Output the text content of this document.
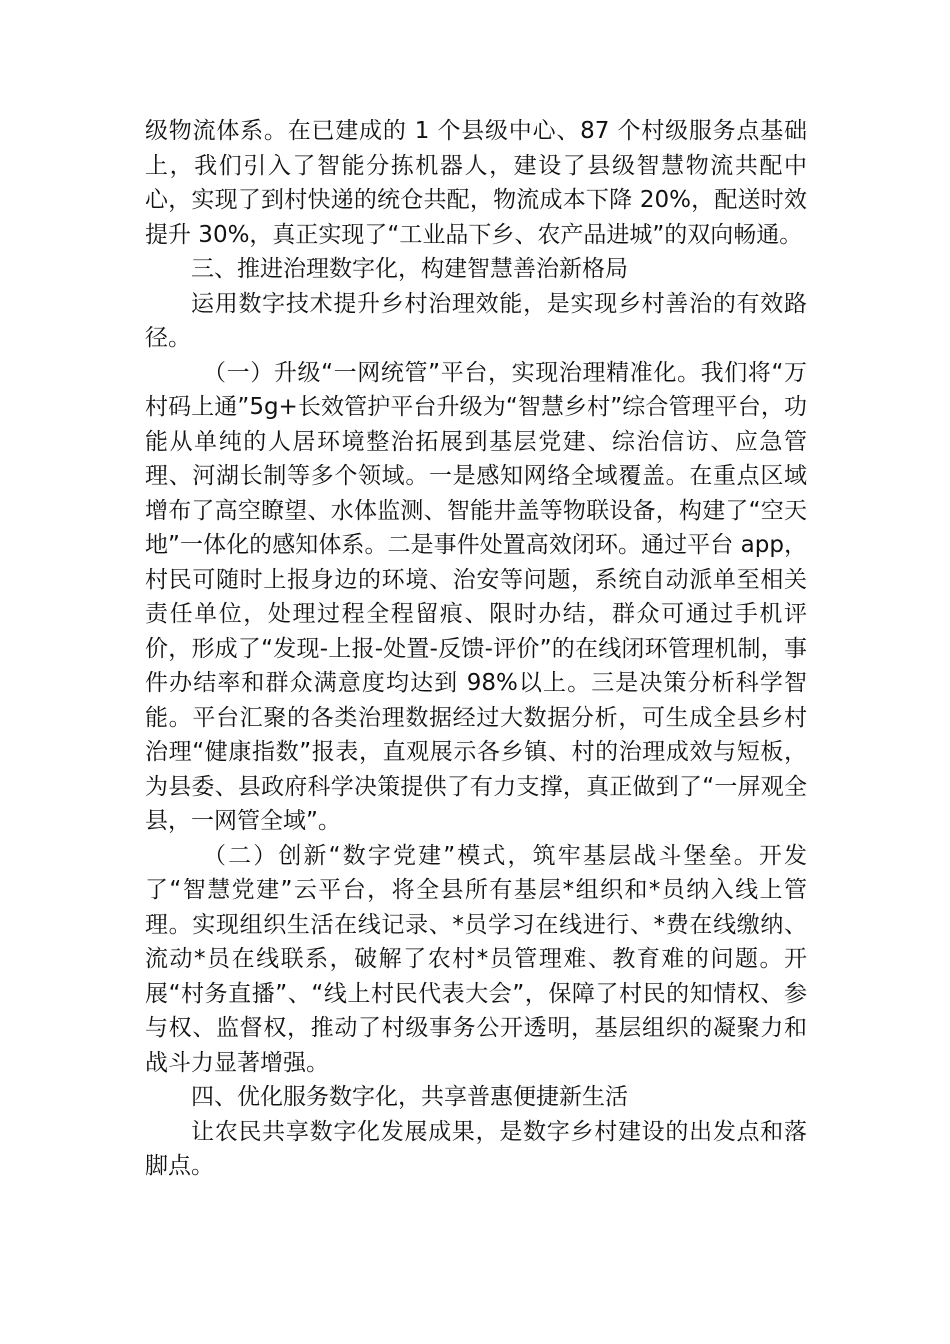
级物流体系。在已建成的 1 个县级中心、87 个村级服务点基础上，我们引入了智能分拣机器人，建设了县级智慧物流共配中心，实现了到村快递的统仓共配，物流成本下降 20%，配送时效提升 30%，真正实现了“工业品下乡、农产品进城”的双向畅通。

三、推进治理数字化，构建智慧善治新格局

运用数字技术提升乡村治理效能，是实现乡村善治的有效路径。

（一）升级“一网统管”平台，实现治理精准化。我们将“万村码上通”5g+长效管护平台升级为“智慧乡村”综合管理平台，功能从单纯的人居环境整治拓展到基层党建、综治信访、应急管理、河湖长制等多个领域。一是感知网络全域覆盖。在重点区域增布了高空瞭望、水体监测、智能井盖等物联设备，构建了“空天地”一体化的感知体系。二是事件处置高效闭环。通过平台 app，村民可随时上报身边的环境、治安等问题，系统自动派单至相关责任单位，处理过程全程留痕、限时办结，群众可通过手机评价，形成了“发现-上报-处置-反馈-评价”的在线闭环管理机制，事件办结率和群众满意度均达到 98%以上。三是决策分析科学智能。平台汇聚的各类治理数据经过大数据分析，可生成全县乡村治理“健康指数”报表，直观展示各乡镇、村的治理成效与短板，为县委、县政府科学决策提供了有力支撑，真正做到了“一屏观全县，一网管全域”。

（二）创新“数字党建”模式，筑牢基层战斗堡垒。开发了“智慧党建”云平台，将全县所有基层*组织和*员纳入线上管理。实现组织生活在线记录、*员学习在线进行、*费在线缴纳、流动*员在线联系，破解了农村*员管理难、教育难的问题。开展“村务直播”、“线上村民代表大会”，保障了村民的知情权、参与权、监督权，推动了村级事务公开透明，基层组织的凝聚力和战斗力显著增强。

四、优化服务数字化，共享普惠便捷新生活

让农民共享数字化发展成果，是数字乡村建设的出发点和落脚点。
